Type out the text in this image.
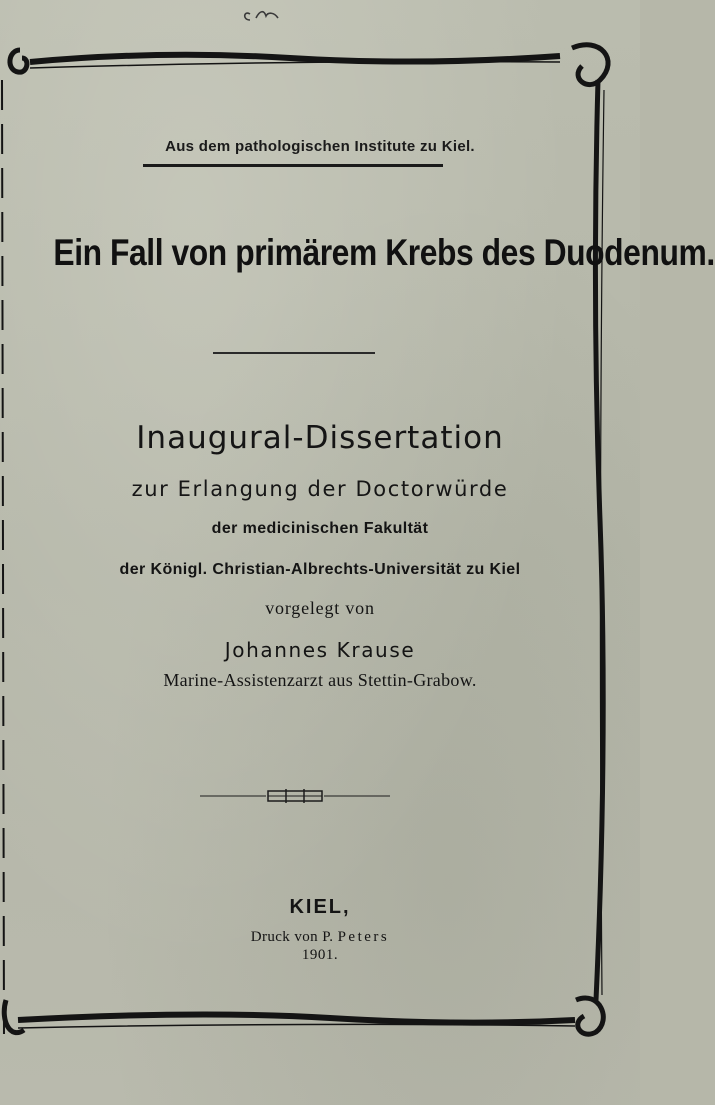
Aus dem pathologischen Institute zu Kiel.
Ein Fall von primärem Krebs des Duodenum.
Inaugural-Dissertation
zur Erlangung der Doctorwürde
der medicinischen Fakultät
der Königl. Christian-Albrechts-Universität zu Kiel
vorgelegt von
Johannes Krause
Marine-Assistenzarzt aus Stettin-Grabow.
KIEL,
Druck von P. Peters
1901.
